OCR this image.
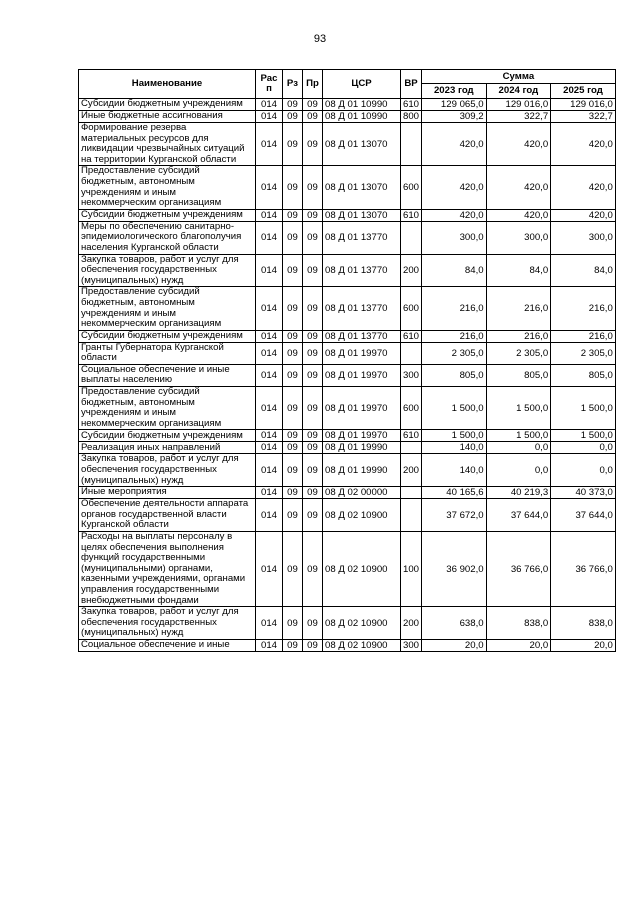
93
Наименование	Рас п	Рз	Пр	ЦСР	ВР	Сумма		
						2023 год	2024 год	2025 год
Субсидии бюджетным учреждениям	014	09	09	08 Д 01 10990	610	129 065,0	129 016,0	129 016,0
Иные бюджетные ассигнования	014	09	09	08 Д 01 10990	800	309,2	322,7	322,7
Формирование резерва материальных ресурсов для ликвидации чрезвычайных ситуаций на территории Курганской области	014	09	09	08 Д 01 13070		420,0	420,0	420,0
Предоставление субсидий бюджетным, автономным учреждениям и иным некоммерческим организациям	014	09	09	08 Д 01 13070	600	420,0	420,0	420,0
Субсидии бюджетным учреждениям	014	09	09	08 Д 01 13070	610	420,0	420,0	420,0
Меры по обеспечению санитарно-эпидемиологического благополучия населения Курганской области	014	09	09	08 Д 01 13770		300,0	300,0	300,0
Закупка товаров, работ и услуг для обеспечения государственных (муниципальных) нужд	014	09	09	08 Д 01 13770	200	84,0	84,0	84,0
Предоставление субсидий бюджетным, автономным учреждениям и иным некоммерческим организациям	014	09	09	08 Д 01 13770	600	216,0	216,0	216,0
Субсидии бюджетным учреждениям	014	09	09	08 Д 01 13770	610	216,0	216,0	216,0
Гранты Губернатора Курганской области	014	09	09	08 Д 01 19970		2 305,0	2 305,0	2 305,0
Социальное обеспечение и иные выплаты населению	014	09	09	08 Д 01 19970	300	805,0	805,0	805,0
Предоставление субсидий бюджетным, автономным учреждениям и иным некоммерческим организациям	014	09	09	08 Д 01 19970	600	1 500,0	1 500,0	1 500,0
Субсидии бюджетным учреждениям	014	09	09	08 Д 01 19970	610	1 500,0	1 500,0	1 500,0
Реализация иных направлений	014	09	09	08 Д 01 19990		140,0	0,0	0,0
Закупка товаров, работ и услуг для обеспечения государственных (муниципальных) нужд	014	09	09	08 Д 01 19990	200	140,0	0,0	0,0
Иные мероприятия	014	09	09	08 Д 02 00000		40 165,6	40 219,3	40 373,0
Обеспечение деятельности аппарата органов государственной власти Курганской области	014	09	09	08 Д 02 10900		37 672,0	37 644,0	37 644,0
Расходы на выплаты персоналу в целях обеспечения выполнения функций государственными (муниципальными) органами, казенными учреждениями, органами управления государственными внебюджетными фондами	014	09	09	08 Д 02 10900	100	36 902,0	36 766,0	36 766,0
Закупка товаров, работ и услуг для обеспечения государственных (муниципальных) нужд	014	09	09	08 Д 02 10900	200	638,0	838,0	838,0
Социальное обеспечение и иные	014	09	09	08 Д 02 10900	300	20,0	20,0	20,0
